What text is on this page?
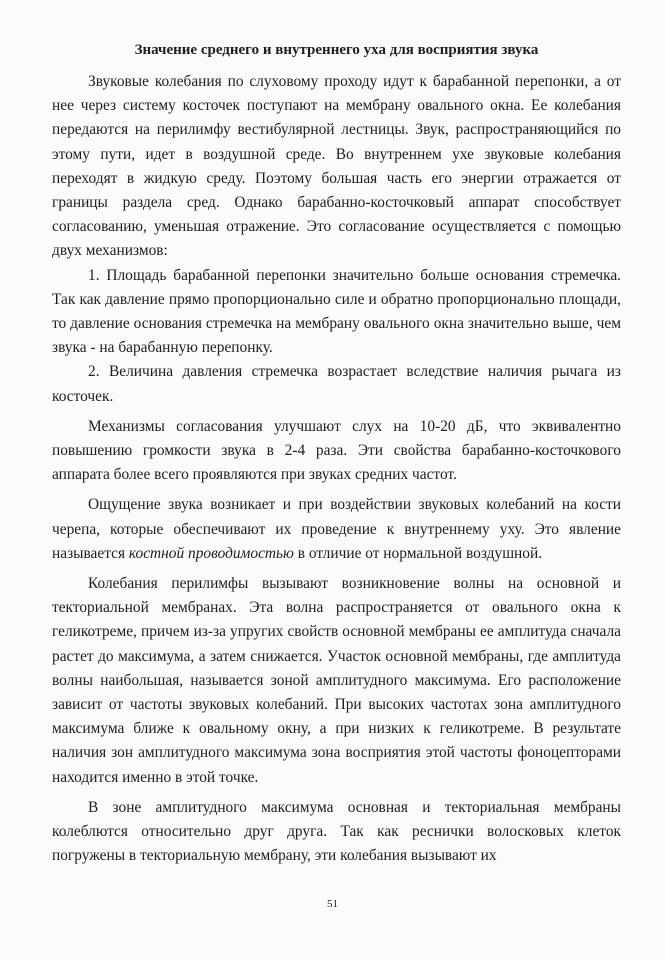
Значение среднего и внутреннего уха для восприятия звука

Звуковые колебания по слуховому проходу идут к барабанной перепонки, а от нее через систему косточек поступают на мембрану овального окна. Ее колебания передаются на перилимфу вестибулярной лестницы. Звук, распространяющийся по этому пути, идет в воздушной среде. Во внутреннем ухе звуковые колебания переходят в жидкую среду. Поэтому большая часть его энергии отражается от границы раздела сред. Однако барабанно-косточковый аппарат способствует согласованию, уменьшая отражение. Это согласование осуществляется с помощью двух механизмов:

1. Площадь барабанной перепонки значительно больше основания стремечка. Так как давление прямо пропорционально силе и обратно пропорционально площади, то давление основания стремечка на мембрану овального окна значительно выше, чем звука - на барабанную перепонку.

2. Величина давления стремечка возрастает вследствие наличия рычага из косточек.

Механизмы согласования улучшают слух на 10-20 дБ, что эквивалентно повышению громкости звука в 2-4 раза. Эти свойства барабанно-косточкового аппарата более всего проявляются при звуках средних частот.

Ощущение звука возникает и при воздействии звуковых колебаний на кости черепа, которые обеспечивают их проведение к внутреннему уху. Это явление называется костной проводимостью в отличие от нормальной воздушной.

Колебания перилимфы вызывают возникновение волны на основной и текториальной мембранах. Эта волна распространяется от овального окна к геликотреме, причем из-за упругих свойств основной мембраны ее амплитуда сначала растет до максимума, а затем снижается. Участок основной мембраны, где амплитуда волны наибольшая, называется зоной амплитудного максимума. Его расположение зависит от частоты звуковых колебаний. При высоких частотах зона амплитудного максимума ближе к овальному окну, а при низких к геликотреме. В результате наличия зон амплитудного максимума зона восприятия этой частоты фоноцепторами находится именно в этой точке.

В зоне амплитудного максимума основная и текториальная мембраны колеблются относительно друг друга. Так как реснички волосковых клеток погружены в текториальную мембрану, эти колебания вызывают их

51
